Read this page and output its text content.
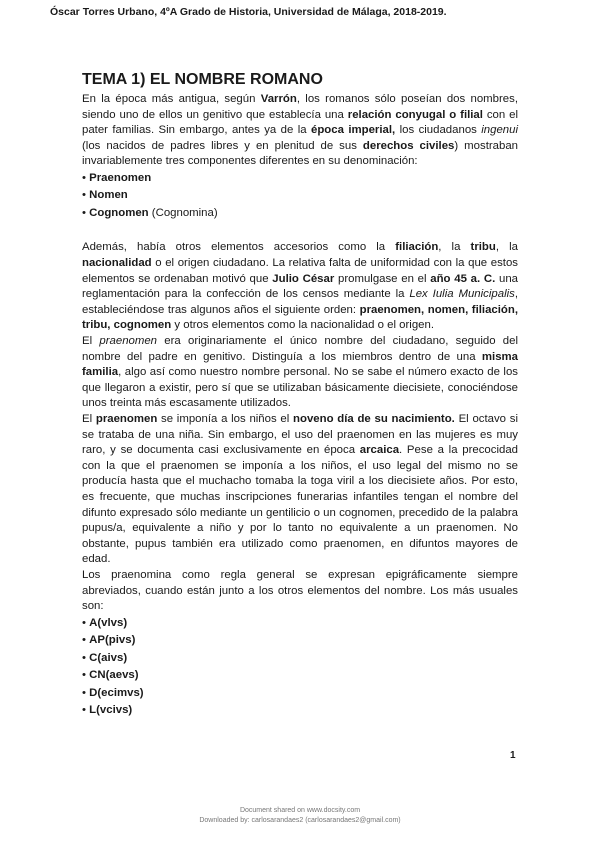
Óscar Torres Urbano, 4ºA Grado de Historia, Universidad de Málaga, 2018-2019.
TEMA 1) EL NOMBRE ROMANO

En la época más antigua, según Varrón, los romanos sólo poseían dos nombres, siendo uno de ellos un genitivo que establecía una relación conyugal o filial con el pater familias. Sin embargo, antes ya de la época imperial, los ciudadanos ingenui (los nacidos de padres libres y en plenitud de sus derechos civiles) mostraban invariablemente tres componentes diferentes en su denominación:

• Praenomen
• Nomen
• Cognomen (Cognomina)

Además, había otros elementos accesorios como la filiación, la tribu, la nacionalidad o el origen ciudadano. La relativa falta de uniformidad con la que estos elementos se ordenaban motivó que Julio César promulgase en el año 45 a. C. una reglamentación para la confección de los censos mediante la Lex Iulia Municipalis, estableciéndose tras algunos años el siguiente orden: praenomen, nomen, filiación, tribu, cognomen y otros elementos como la nacionalidad o el origen.

El praenomen era originariamente el único nombre del ciudadano, seguido del nombre del padre en genitivo. Distinguía a los miembros dentro de una misma familia, algo así como nuestro nombre personal. No se sabe el número exacto de los que llegaron a existir, pero sí que se utilizaban básicamente diecisiete, conociéndose unos treinta más escasamente utilizados.

El praenomen se imponía a los niños el noveno día de su nacimiento. El octavo si se trataba de una niña. Sin embargo, el uso del praenomen en las mujeres es muy raro, y se documenta casi exclusivamente en época arcaica. Pese a la precocidad con la que el praenomen se imponía a los niños, el uso legal del mismo no se producía hasta que el muchacho tomaba la toga viril a los diecisiete años. Por esto, es frecuente, que muchas inscripciones funerarias infantiles tengan el nombre del difunto expresado sólo mediante un gentilicio o un cognomen, precedido de la palabra pupus/a, equivalente a niño y por lo tanto no equivalente a un praenomen. No obstante, pupus también era utilizado como praenomen, en difuntos mayores de edad.

Los praenomina como regla general se expresan epigráficamente siempre abreviados, cuando están junto a los otros elementos del nombre. Los más usuales son:

• A(vlvs)
• AP(pivs)
• C(aivs)
• CN(aevs)
• D(ecimvs)
• L(vcivs)
1
Document shared on www.docsity.com
Downloaded by: carlosarandaes2 (carlosarandaes2@gmail.com)
